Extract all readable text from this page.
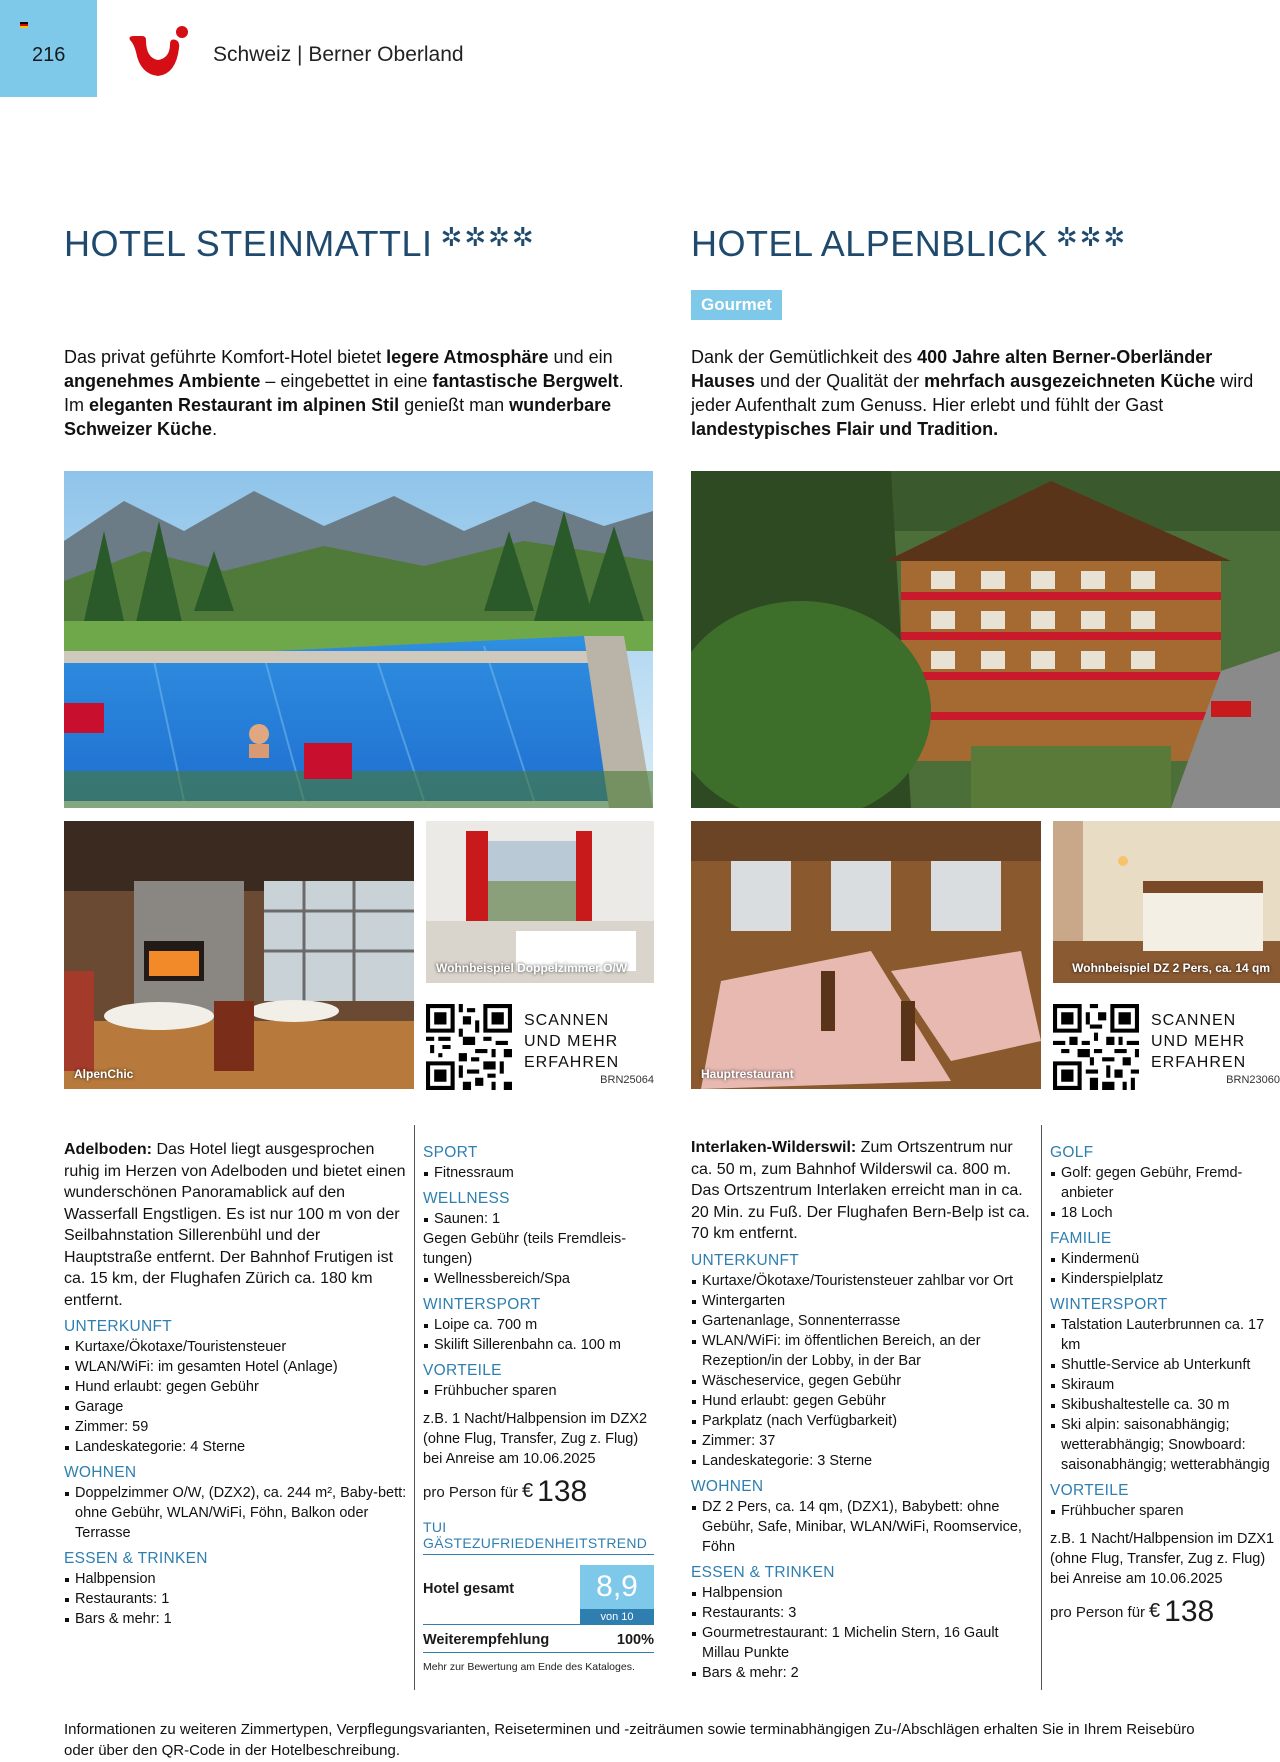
216	Schweiz | Berner Oberland
HOTEL STEINMATTLI ✲✲✲✲

Das privat geführte Komfort-Hotel bietet legere Atmosphäre und ein angenehmes Ambiente – eingebettet in eine fantastische Bergwelt. Im eleganten Restaurant im alpinen Stil genießt man wunderbare Schweizer Küche.

AlpenChic
Wohnbeispiel Doppelzimmer O/W
SCANNEN
UND MEHR
ERFAHREN
BRN25064

Adelboden: Das Hotel liegt ausgesprochen ruhig im Herzen von Adelboden und bietet einen wunderschönen Panoramablick auf den Wasserfall Engstligen. Es ist nur 100 m von der Seilbahnstation Sillerenbühl und der Hauptstraße entfernt. Der Bahnhof Frutigen ist ca. 15 km, der Flughafen Zürich ca. 180 km entfernt.

UNTERKUNFT
Kurtaxe/Ökotaxe/Touristensteuer
WLAN/WiFi: im gesamten Hotel (Anlage)
Hund erlaubt: gegen Gebühr
Garage
Zimmer: 59
Landeskategorie: 4 Sterne
WOHNEN
Doppelzimmer O/W, (DZX2), ca. 244 m², Baby-bett: ohne Gebühr, WLAN/WiFi, Föhn, Balkon oder Terrasse
ESSEN & TRINKEN
Halbpension
Restaurants: 1
Bars & mehr: 1
SPORT
Fitnessraum
WELLNESS
Saunen: 1

Gegen Gebühr (teils Fremdleis-tungen)

Wellnessbereich/Spa
WINTERSPORT
Loipe ca. 700 m
Skilift Sillerenbahn ca. 100 m
VORTEILE
Frühbucher sparen

z.B. 1 Nacht/Halbpension im DZX2 (ohne Flug, Transfer, Zug z. Flug) bei Anreise am 10.06.2025

pro Person für € 138
TUI GÄSTEZUFRIEDENHEITSTREND
Hotel gesamt	8,9
von 10
Weiterempfehlung	100%
Mehr zur Bewertung am Ende des Kataloges.
HOTEL ALPENBLICK ✲✲✲
Gourmet

Dank der Gemütlichkeit des 400 Jahre alten Berner-Oberländer Hauses und der Qualität der mehrfach ausgezeichneten Küche wird jeder Aufenthalt zum Genuss. Hier erlebt und fühlt der Gast landestypisches Flair und Tradition.

Hauptrestaurant
Wohnbeispiel DZ 2 Pers, ca. 14 qm
SCANNEN
UND MEHR
ERFAHREN
BRN23060

Interlaken-Wilderswil: Zum Ortszentrum nur ca. 50 m, zum Bahnhof Wilderswil ca. 800 m. Das Ortszentrum Interlaken erreicht man in ca. 20 Min. zu Fuß. Der Flughafen Bern-Belp ist ca. 70 km entfernt.

UNTERKUNFT
Kurtaxe/Ökotaxe/Touristensteuer zahlbar vor Ort
Wintergarten
Gartenanlage, Sonnenterrasse
WLAN/WiFi: im öffentlichen Bereich, an der Rezeption/in der Lobby, in der Bar
Wäscheservice, gegen Gebühr
Hund erlaubt: gegen Gebühr
Parkplatz (nach Verfügbarkeit)
Zimmer: 37
Landeskategorie: 3 Sterne
WOHNEN
DZ 2 Pers, ca. 14 qm, (DZX1), Babybett: ohne Gebühr, Safe, Minibar, WLAN/WiFi, Roomservice, Föhn
ESSEN & TRINKEN
Halbpension
Restaurants: 3
Gourmetrestaurant: 1 Michelin Stern, 16 Gault Millau Punkte
Bars & mehr: 2
GOLF
Golf: gegen Gebühr, Fremd-anbieter
18 Loch
FAMILIE
Kindermenü
Kinderspielplatz
WINTERSPORT
Talstation Lauterbrunnen ca. 17 km
Shuttle-Service ab Unterkunft
Skiraum
Skibushaltestelle ca. 30 m
Ski alpin: saisonabhängig; wetterabhängig; Snowboard: saisonabhängig; wetterabhängig
VORTEILE
Frühbucher sparen

z.B. 1 Nacht/Halbpension im DZX1 (ohne Flug, Transfer, Zug z. Flug) bei Anreise am 10.06.2025

pro Person für € 138

Informationen zu weiteren Zimmertypen, Verpflegungsvarianten, Reiseterminen und -zeiträumen sowie terminabhängigen Zu-/Abschlägen erhalten Sie in Ihrem Reisebüro oder über den QR-Code in der Hotelbeschreibung.
